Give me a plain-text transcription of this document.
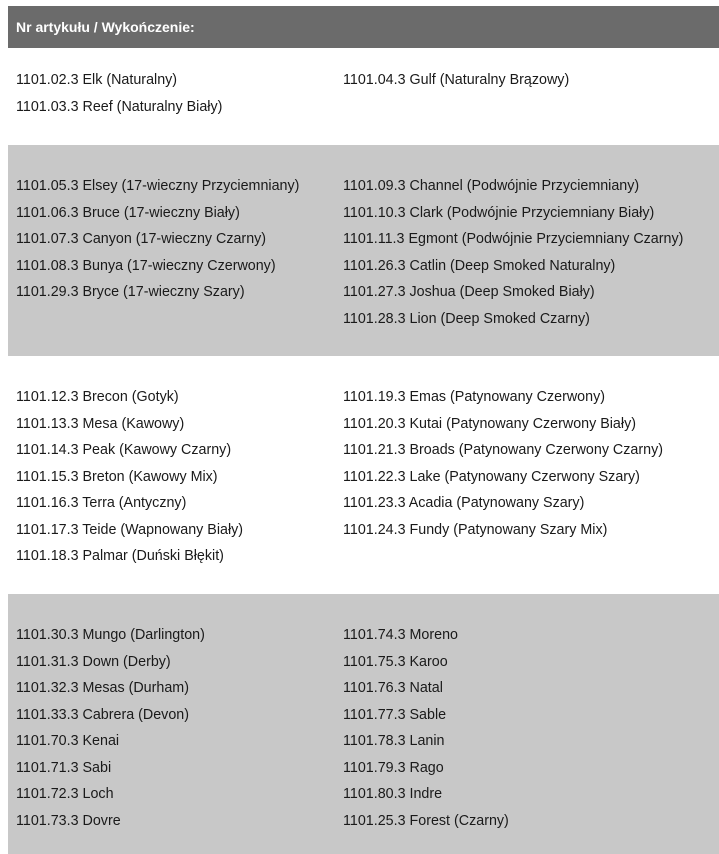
Nr artykułu / Wykończenie:
1101.02.3 Elk (Naturalny)
1101.03.3 Reef (Naturalny Biały)
1101.04.3 Gulf (Naturalny Brązowy)
1101.05.3 Elsey (17-wieczny Przyciemniany)
1101.06.3 Bruce (17-wieczny Biały)
1101.07.3 Canyon (17-wieczny Czarny)
1101.08.3 Bunya (17-wieczny Czerwony)
1101.29.3 Bryce (17-wieczny Szary)
1101.09.3 Channel (Podwójnie Przyciemniany)
1101.10.3 Clark (Podwójnie Przyciemniany Biały)
1101.11.3 Egmont (Podwójnie Przyciemniany Czarny)
1101.26.3 Catlin (Deep Smoked Naturalny)
1101.27.3 Joshua (Deep Smoked Biały)
1101.28.3 Lion (Deep Smoked Czarny)
1101.12.3 Brecon (Gotyk)
1101.13.3 Mesa (Kawowy)
1101.14.3 Peak (Kawowy Czarny)
1101.15.3 Breton (Kawowy Mix)
1101.16.3 Terra (Antyczny)
1101.17.3 Teide (Wapnowany Biały)
1101.18.3 Palmar (Duński Błękit)
1101.19.3 Emas (Patynowany Czerwony)
1101.20.3 Kutai (Patynowany Czerwony Biały)
1101.21.3 Broads (Patynowany Czerwony Czarny)
1101.22.3 Lake (Patynowany Czerwony Szary)
1101.23.3 Acadia (Patynowany Szary)
1101.24.3 Fundy (Patynowany Szary Mix)
1101.30.3 Mungo (Darlington)
1101.31.3 Down (Derby)
1101.32.3 Mesas (Durham)
1101.33.3 Cabrera (Devon)
1101.70.3 Kenai
1101.71.3 Sabi
1101.72.3 Loch
1101.73.3 Dovre
1101.74.3 Moreno
1101.75.3 Karoo
1101.76.3 Natal
1101.77.3 Sable
1101.78.3 Lanin
1101.79.3 Rago
1101.80.3 Indre
1101.25.3 Forest (Czarny)
